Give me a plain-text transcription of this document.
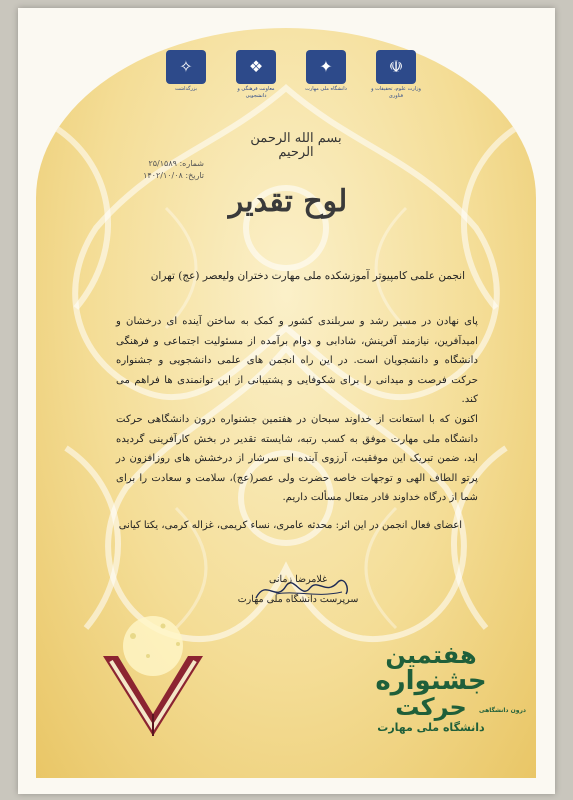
☫
وزارت علوم، تحقیقات و فناوری
✦
دانشگاه ملی مهارت
❖
معاونت فرهنگی و دانشجویی
✧
بزرگداشت
بسم الله الرحمن الرحیم
شماره: ۲۵/۱۵۸۹
تاریخ: ۱۴۰۲/۱۰/۰۸
لوح تقدیر
انجمن علمی کامپیوتر آموزشکده ملی مهارت دختران ولیعصر (عج) تهران

پای نهادن در مسیر رشد و سربلندی کشور و کمک به ساختن آینده ای درخشان و امیدآفرین، نیازمند آفرینش، شادابی و دوام برآمده از مسئولیت اجتماعی و فرهنگی دانشگاه و دانشجویان است. در این راه انجمن های علمی دانشجویی و جشنواره حرکت فرصت و میدانی را برای شکوفایی و پشتیبانی از این توانمندی ها فراهم می کند.

اکنون که با استعانت از خداوند سبحان در هفتمین جشنواره درون دانشگاهی حرکت دانشگاه ملی مهارت موفق به کسب رتبه، شایسته تقدیر در بخش کارآفرینی گردیده اید، ضمن تبریک این موفقیت، آرزوی آینده ای سرشار از درخشش های روزافزون در پرتو الطاف الهی و توجهات خاصه حضرت ولی عصر(عج)، سلامت و سعادت را برای شما از درگاه خداوند قادر متعال مسألت داریم.

اعضای فعال انجمن در این اثر: محدثه عامری، نساء کریمی، غزاله کرمی، یکتا کیانی
غلامرضا زمانی
سرپرست دانشگاه ملی مهارت
هفتمین
جشنواره
حرکت درون دانشگاهی
دانشگاه ملی مهارت
